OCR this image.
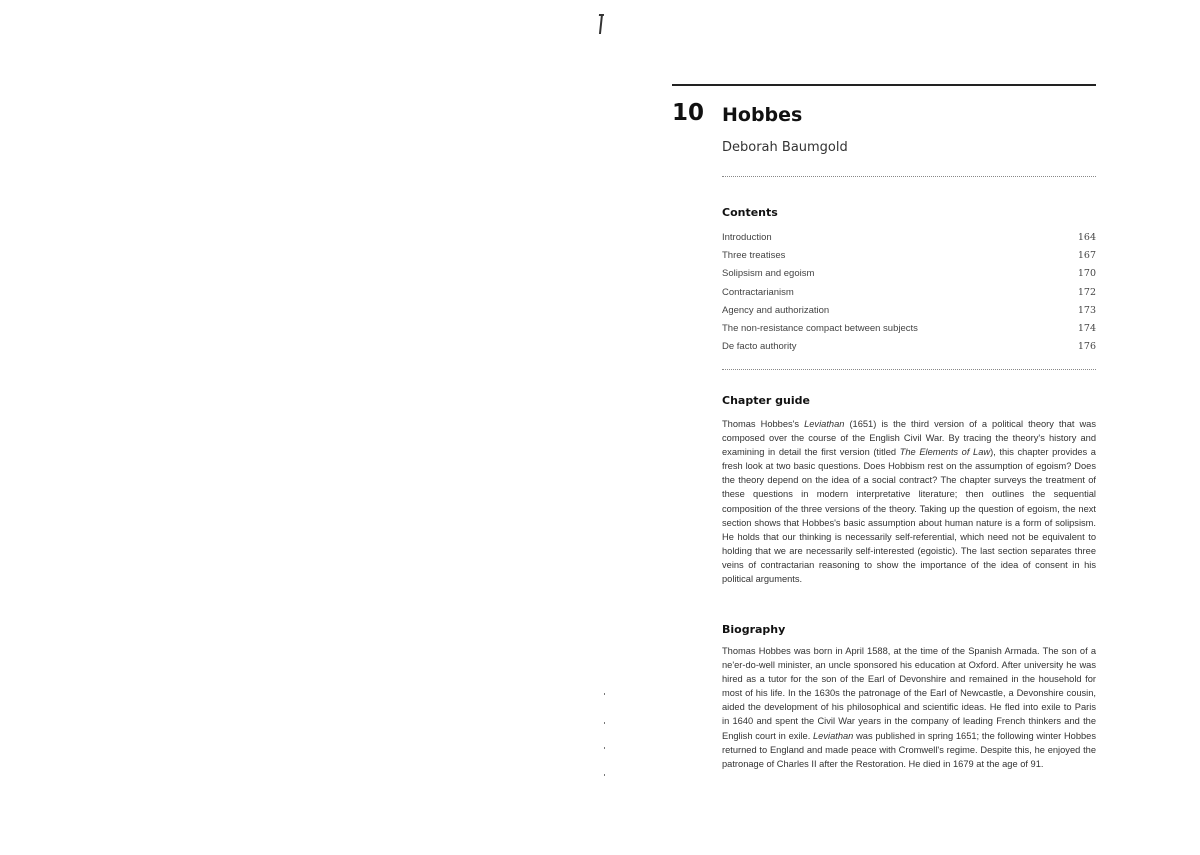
10 Hobbes
Deborah Baumgold
Contents
Introduction	164
Three treatises	167
Solipsism and egoism	170
Contractarianism	172
Agency and authorization	173
The non-resistance compact between subjects	174
De facto authority	176
Chapter guide

Thomas Hobbes's Leviathan (1651) is the third version of a political theory that was composed over the course of the English Civil War. By tracing the theory's history and examining in detail the first version (titled The Elements of Law), this chapter provides a fresh look at two basic questions. Does Hobbism rest on the assumption of egoism? Does the theory depend on the idea of a social contract? The chapter surveys the treatment of these questions in modern interpretative literature; then outlines the sequential composition of the three versions of the theory. Taking up the question of egoism, the next section shows that Hobbes's basic assumption about human nature is a form of solipsism. He holds that our thinking is necessarily self-referential, which need not be equivalent to holding that we are necessarily self-interested (egoistic). The last section separates three veins of contractarian reasoning to show the importance of the idea of consent in his political arguments.

Biography

Thomas Hobbes was born in April 1588, at the time of the Spanish Armada. The son of a ne'er-do-well minister, an uncle sponsored his education at Oxford. After university he was hired as a tutor for the son of the Earl of Devonshire and remained in the household for most of his life. In the 1630s the patronage of the Earl of Newcastle, a Devonshire cousin, aided the development of his philosophical and scientific ideas. He fled into exile to Paris in 1640 and spent the Civil War years in the company of leading French thinkers and the English court in exile. Leviathan was published in spring 1651; the following winter Hobbes returned to England and made peace with Cromwell's regime. Despite this, he enjoyed the patronage of Charles II after the Restoration. He died in 1679 at the age of 91.
